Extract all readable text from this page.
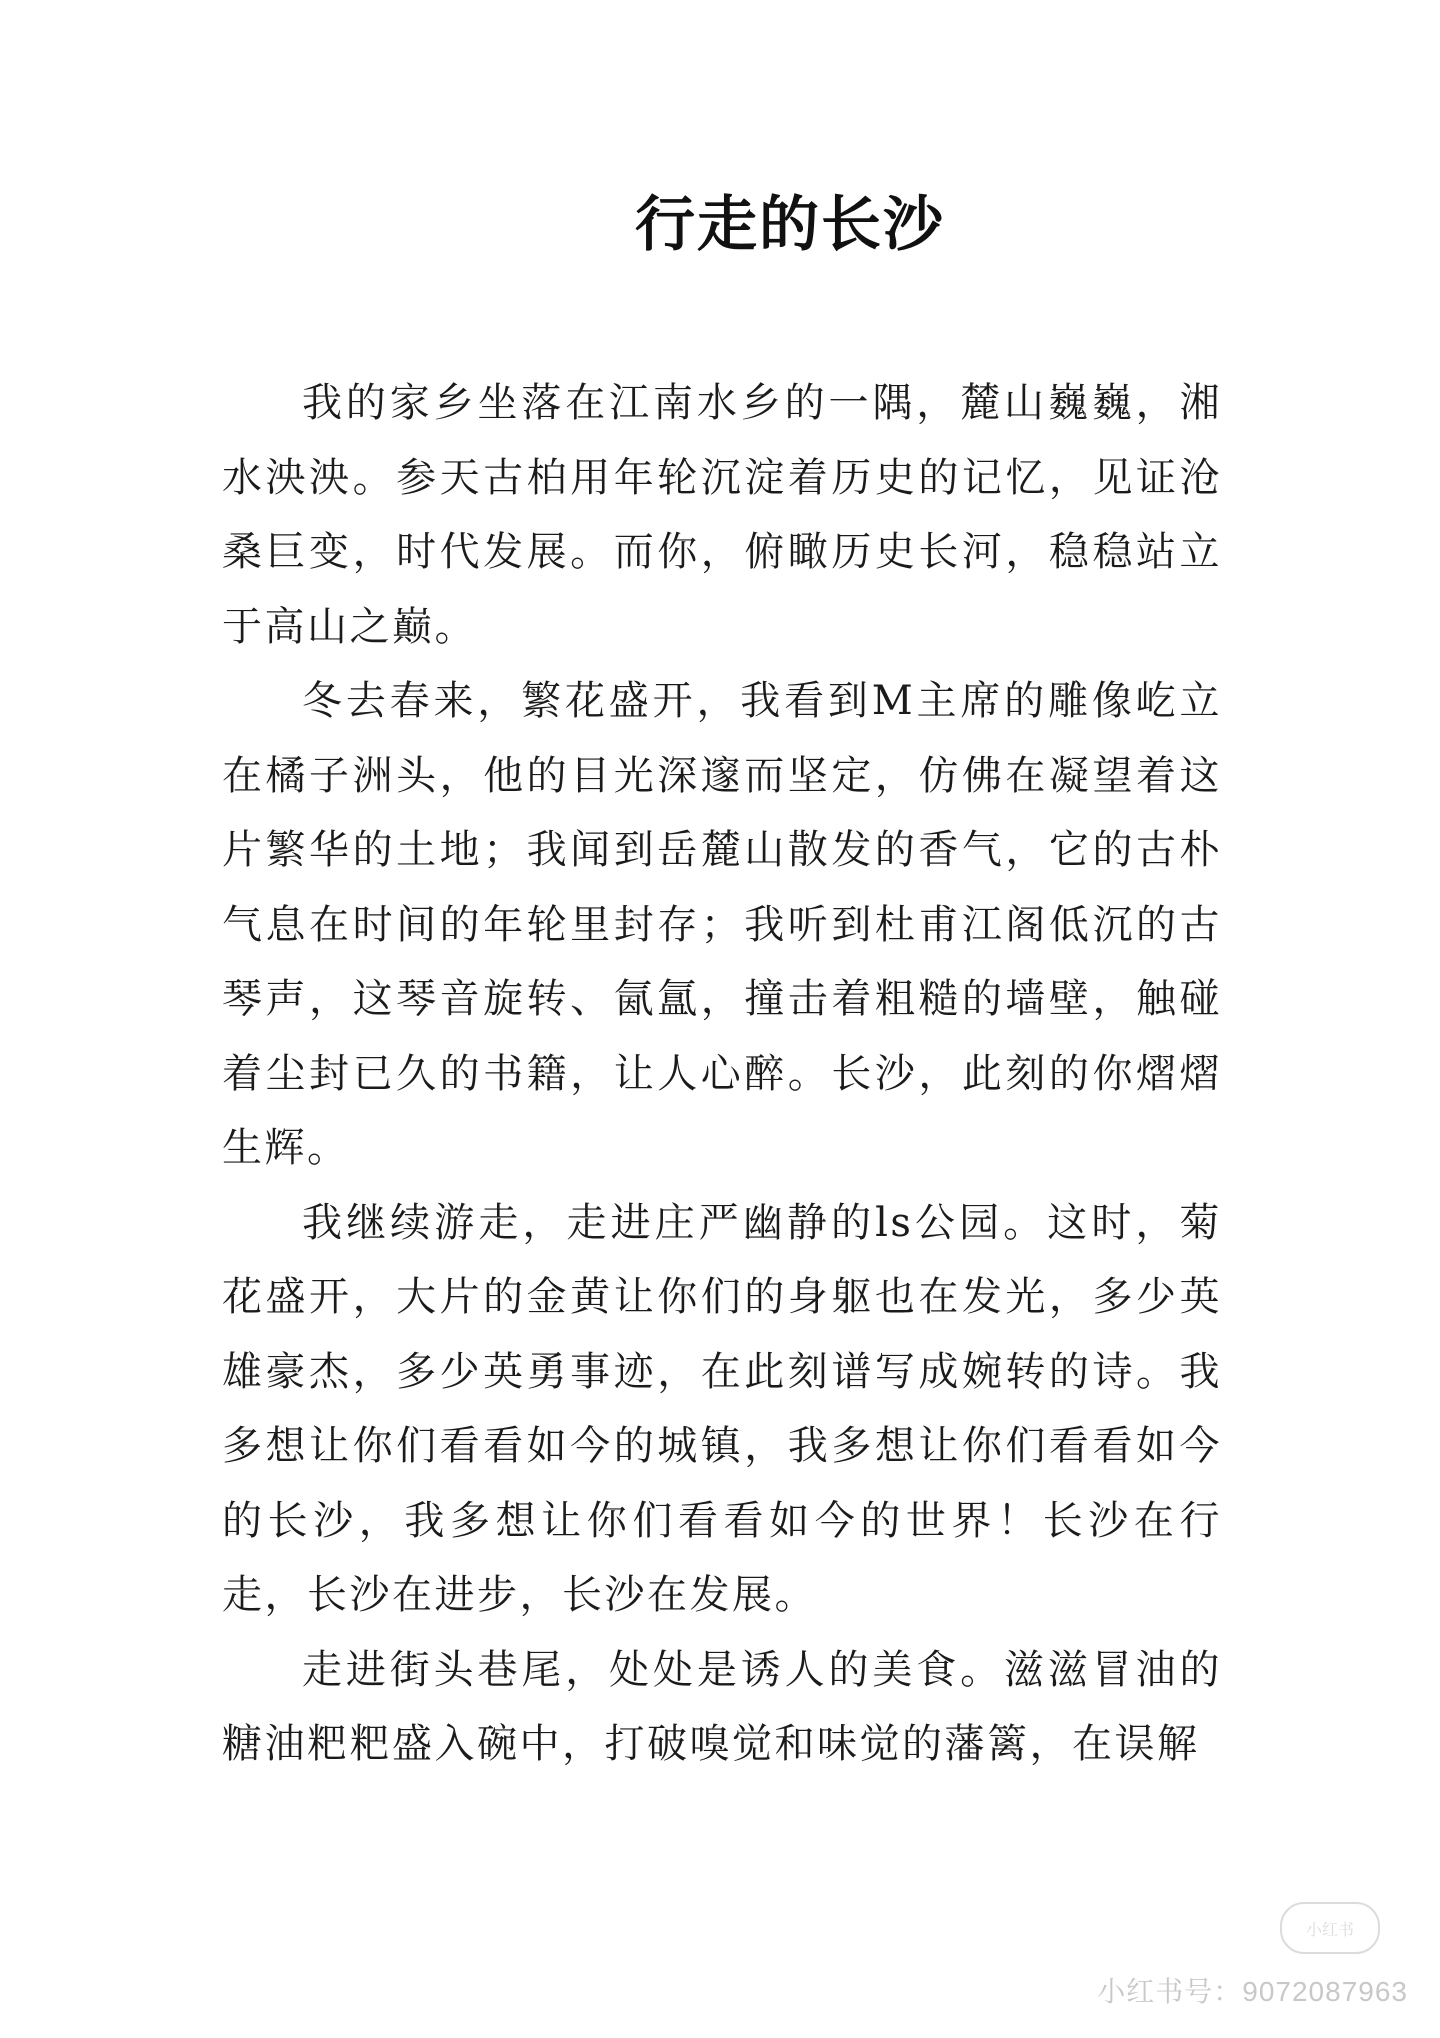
行走的长沙

我的家乡坐落在江南水乡的一隅，麓山巍巍，湘水泱泱。参天古柏用年轮沉淀着历史的记忆，见证沧桑巨变，时代发展。而你，俯瞰历史长河，稳稳站立于高山之巅。

冬去春来，繁花盛开，我看到M主席的雕像屹立在橘子洲头，他的目光深邃而坚定，仿佛在凝望着这片繁华的土地；我闻到岳麓山散发的香气，它的古朴气息在时间的年轮里封存；我听到杜甫江阁低沉的古琴声，这琴音旋转、氤氲，撞击着粗糙的墙壁，触碰着尘封已久的书籍，让人心醉。长沙，此刻的你熠熠生辉。

我继续游走，走进庄严幽静的ls公园。这时，菊花盛开，大片的金黄让你们的身躯也在发光，多少英雄豪杰，多少英勇事迹，在此刻谱写成婉转的诗。我多想让你们看看如今的城镇，我多想让你们看看如今的长沙，我多想让你们看看如今的世界！长沙在行走，长沙在进步，长沙在发展。

走进街头巷尾，处处是诱人的美食。滋滋冒油的糖油粑粑盛入碗中，打破嗅觉和味觉的藩篱，在误解

小红书
小红书号：9072087963
